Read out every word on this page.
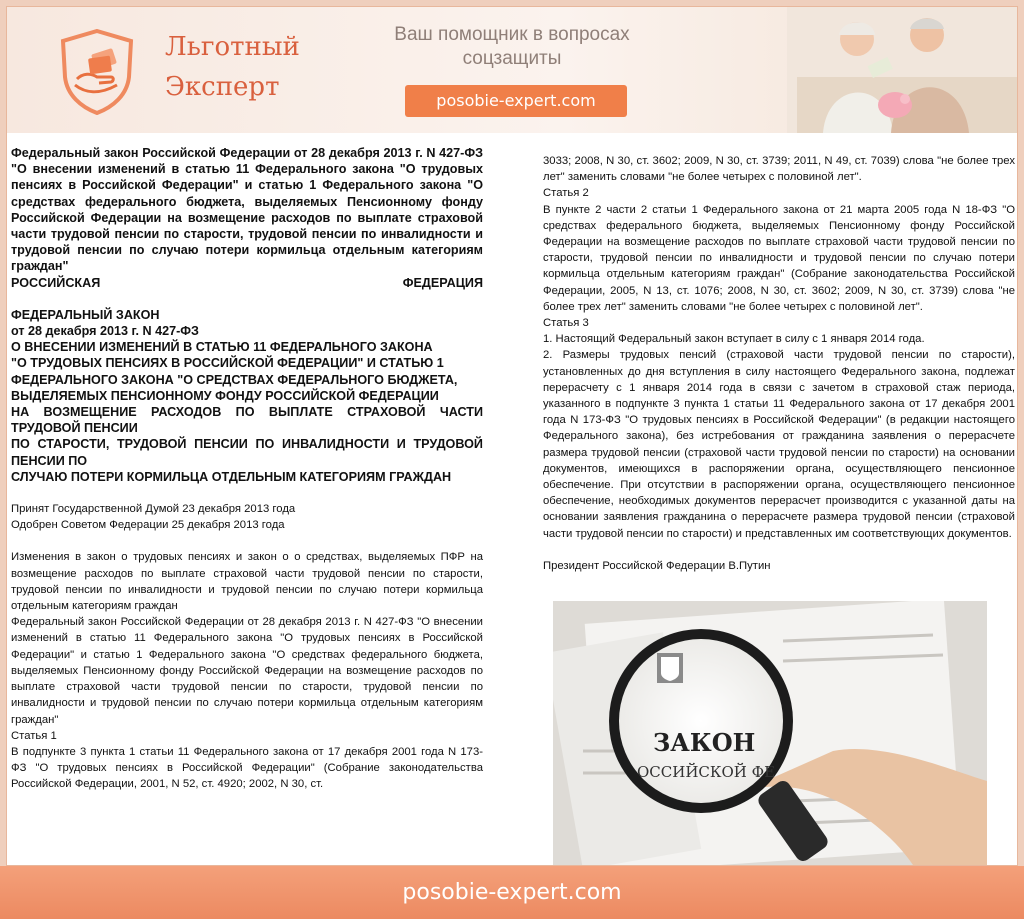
Льготный
Эксперт
Ваш помощник в вопросах
соцзащиты
posobie-expert.com

Федеральный закон Российской Федерации от 28 декабря 2013 г. N 427-ФЗ "О внесении изменений в статью 11 Федерального закона "О трудовых пенсиях в Российской Федерации" и статью 1 Федерального закона "О средствах федерального бюджета, выделяемых Пенсионному фонду Российской Федерации на возмещение расходов по выплате страховой части трудовой пенсии по старости, трудовой пенсии по инвалидности и трудовой пенсии по случаю потери кормильца отдельным категориям граждан"

РОССИЙСКАЯ	ФЕДЕРАЦИЯ

ФЕДЕРАЛЬНЫЙ ЗАКОН

от 28 декабря 2013 г. N 427-ФЗ

О ВНЕСЕНИИ ИЗМЕНЕНИЙ В СТАТЬЮ 11 ФЕДЕРАЛЬНОГО ЗАКОНА

"О ТРУДОВЫХ ПЕНСИЯХ В РОССИЙСКОЙ ФЕДЕРАЦИИ" И СТАТЬЮ 1

ФЕДЕРАЛЬНОГО ЗАКОНА "О СРЕДСТВАХ ФЕДЕРАЛЬНОГО БЮДЖЕТА,

ВЫДЕЛЯЕМЫХ ПЕНСИОННОМУ ФОНДУ РОССИЙСКОЙ ФЕДЕРАЦИИ

НА ВОЗМЕЩЕНИЕ РАСХОДОВ ПО ВЫПЛАТЕ СТРАХОВОЙ ЧАСТИ ТРУДОВОЙ ПЕНСИИ

ПО СТАРОСТИ, ТРУДОВОЙ ПЕНСИИ ПО ИНВАЛИДНОСТИ И ТРУДОВОЙ ПЕНСИИ ПО

СЛУЧАЮ ПОТЕРИ КОРМИЛЬЦА ОТДЕЛЬНЫМ КАТЕГОРИЯМ ГРАЖДАН

Принят Государственной Думой 23 декабря 2013 года

Одобрен Советом Федерации 25 декабря 2013 года

Изменения в закон о трудовых пенсиях и закон о о средствах, выделяемых ПФР на возмещение расходов по выплате страховой части трудовой пенсии по старости, трудовой пенсии по инвалидности и трудовой пенсии по случаю потери кормильца отдельным категориям граждан

Федеральный закон Российской Федерации от 28 декабря 2013 г. N 427-ФЗ "О внесении изменений в статью 11 Федерального закона "О трудовых пенсиях в Российской Федерации" и статью 1 Федерального закона "О средствах федерального бюджета, выделяемых Пенсионному фонду Российской Федерации на возмещение расходов по выплате страховой части трудовой пенсии по старости, трудовой пенсии по инвалидности и трудовой пенсии по случаю потери кормильца отдельным категориям граждан"

Статья 1

В подпункте 3 пункта 1 статьи 11 Федерального закона от 17 декабря 2001 года N 173-ФЗ "О трудовых пенсиях в Российской Федерации" (Собрание законодательства Российской Федерации, 2001, N 52, ст. 4920; 2002, N 30, ст.

3033; 2008, N 30, ст. 3602; 2009, N 30, ст. 3739; 2011, N 49, ст. 7039) слова "не более трех лет" заменить словами "не более четырех с половиной лет".

Статья 2

В пункте 2 части 2 статьи 1 Федерального закона от 21 марта 2005 года N 18-ФЗ "О средствах федерального бюджета, выделяемых Пенсионному фонду Российской Федерации на возмещение расходов по выплате страховой части трудовой пенсии по старости, трудовой пенсии по инвалидности и трудовой пенсии по случаю потери кормильца отдельным категориям граждан" (Собрание законодательства Российской Федерации, 2005, N 13, ст. 1076; 2008, N 30, ст. 3602; 2009, N 30, ст. 3739) слова "не более трех лет" заменить словами "не более четырех с половиной лет".

Статья 3

1. Настоящий Федеральный закон вступает в силу с 1 января 2014 года.

2. Размеры трудовых пенсий (страховой части трудовой пенсии по старости), установленных до дня вступления в силу настоящего Федерального закона, подлежат перерасчету с 1 января 2014 года в связи с зачетом в страховой стаж периода, указанного в подпункте 3 пункта 1 статьи 11 Федерального закона от 17 декабря 2001 года N 173-ФЗ "О трудовых пенсиях в Российской Федерации" (в редакции настоящего Федерального закона), без истребования от гражданина заявления о перерасчете размера трудовой пенсии (страховой части трудовой пенсии по старости) на основании документов, имеющихся в распоряжении органа, осуществляющего пенсионное обеспечение. При отсутствии в распоряжении органа, осуществляющего пенсионное обеспечение, необходимых документов перерасчет производится с указанной даты на основании заявления гражданина о перерасчете размера трудовой пенсии (страховой части трудовой пенсии по старости) и представленных им соответствующих документов.

Президент Российской Федерации В.Путин

ЗАКОН
ОССИЙСКОЙ ФЕ
posobie-expert.com
